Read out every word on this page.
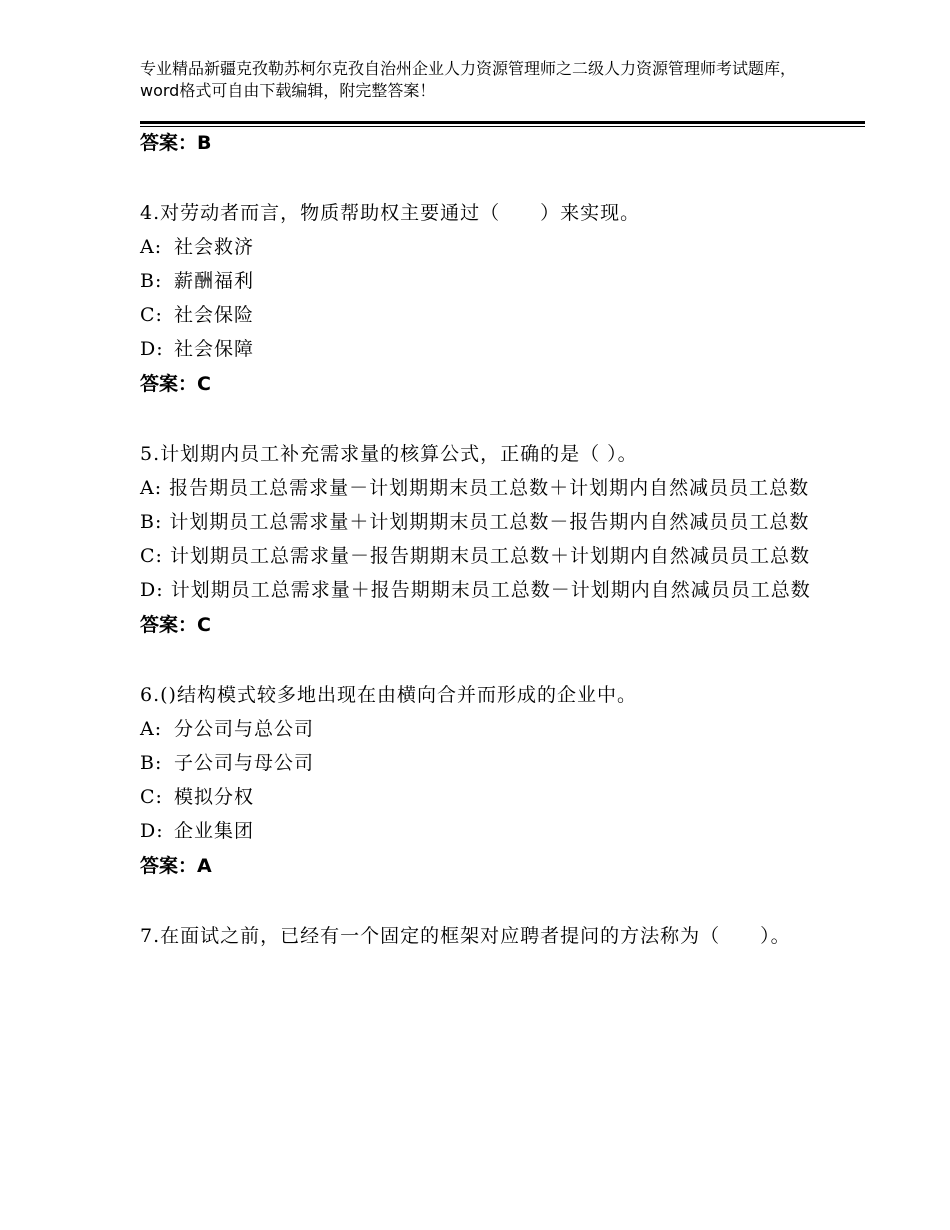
专业精品新疆克孜勒苏柯尔克孜自治州企业人力资源管理师之二级人力资源管理师考试题库，word格式可自由下载编辑，附完整答案！
答案：B
4.对劳动者而言，物质帮助权主要通过（　　）来实现。
A: 社会救济
B: 薪酬福利
C: 社会保险
D: 社会保障
答案：C
5.计划期内员工补充需求量的核算公式，正确的是（ ）。
A: 报告期员工总需求量－计划期期末员工总数＋计划期内自然减员员工总数
B: 计划期员工总需求量＋计划期期末员工总数－报告期内自然减员员工总数
C: 计划期员工总需求量－报告期期末员工总数＋计划期内自然减员员工总数
D: 计划期员工总需求量＋报告期期末员工总数－计划期内自然减员员工总数
答案：C
6.()结构模式较多地出现在由横向合并而形成的企业中。
A: 分公司与总公司
B: 子公司与母公司
C: 模拟分权
D: 企业集团
答案：A
7.在面试之前，已经有一个固定的框架对应聘者提问的方法称为（　　）。
